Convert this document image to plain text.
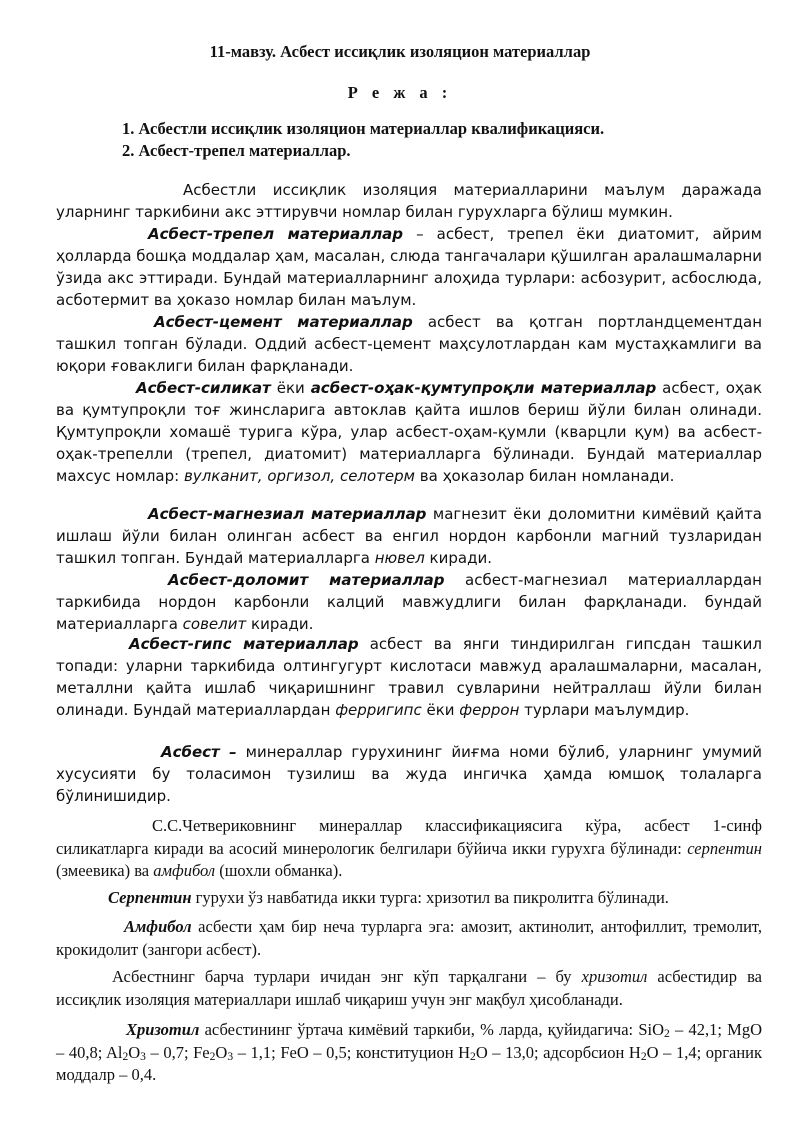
11-мавзу. Асбест иссиқлик изоляцион материаллар
Р е ж а :
1. Асбестли иссиқлик изоляцион материаллар квалификацияси.
2. Асбест-трепел материаллар.

Асбестли иссиқлик изоляция материалларини маълум даражада уларнинг таркибини акс эттирувчи номлар билан гурухларга бўлиш мумкин.

Асбест-трепел материаллар – асбест, трепел ёки диатомит, айрим ҳолларда бошқа моддалар ҳам, масалан, слюда тангачалари қўшилган аралашмаларни ўзида акс эттиради. Бундай материалларнинг алоҳида турлари: асбозурит, асбослюда, асботермит ва ҳоказо номлар билан маълум.

Асбест-цемент материаллар асбест ва қотган портландцементдан ташкил топган бўлади. Оддий асбест-цемент маҳсулотлардан кам мустаҳкамлиги ва юқори ғоваклиги билан фарқланади.

Асбест-силикат ёки асбест-оҳак-қумтупроқли материаллар асбест, оҳак ва қумтупроқли тоғ жинсларига автоклав қайта ишлов бериш йўли билан олинади. Қумтупроқли хомашё турига кўра, улар асбест-оҳам-қумли (кварцли қум) ва асбест-оҳак-трепелли (трепел, диатомит) материалларга бўлинади. Бундай материаллар махсус номлар: вулканит, оргизол, селотерм ва ҳоказолар билан номланади.

Асбест-магнезиал материаллар магнезит ёки доломитни кимёвий қайта ишлаш йўли билан олинган асбест ва енгил нордон карбонли магний тузларидан ташкил топган. Бундай материалларга нювел киради.

Асбест-доломит материаллар асбест-магнезиал материаллардан таркибида нордон карбонли калций мавжудлиги билан фарқланади. бундай материалларга совелит киради.

Асбест-гипс материаллар асбест ва янги тиндирилган гипсдан ташкил топади: уларни таркибида олтингугурт кислотаси мавжуд аралашмаларни, масалан, металлни қайта ишлаб чиқаришнинг травил сувларини нейтраллаш йўли билан олинади. Бундай материаллардан ферригипс ёки феррон турлари маълумдир.

Асбест – минераллар гурухининг йиғма номи бўлиб, уларнинг умумий хусусияти бу толасимон тузилиш ва жуда ингичка ҳамда юмшоқ толаларга бўлинишидир.

С.С.Четвериковнинг минераллар классификациясига кўра, асбест 1-синф силикатларга киради ва асосий минерологик белгилари бўйича икки гурухга бўлинади: серпентин (змеевика) ва амфибол (шохли обманка).

Серпентин гурухи ўз навбатида икки турга: хризотил ва пикролитга бўлинади.

Амфибол асбести ҳам бир неча турларга эга: амозит, актинолит, антофиллит, тремолит, крокидолит (зангори асбест).

Асбестнинг барча турлари ичидан энг кўп тарқалгани – бу хризотил асбестидир ва иссиқлик изоляция материаллари ишлаб чиқариш учун энг мақбул ҳисобланади.

Хризотил асбестининг ўртача кимёвий таркиби, % ларда, қуйидагича: SiO$_2$ – 42,1; MgO – 40,8; $Al_2O_3 - 0,7$; $Fe_2O_3 - 1,1$; FeO – 0,5; конституцион $H_2O - 13,0$; адсорбсион $H_2O - 1,4$; органик моддалр – 0,4.
